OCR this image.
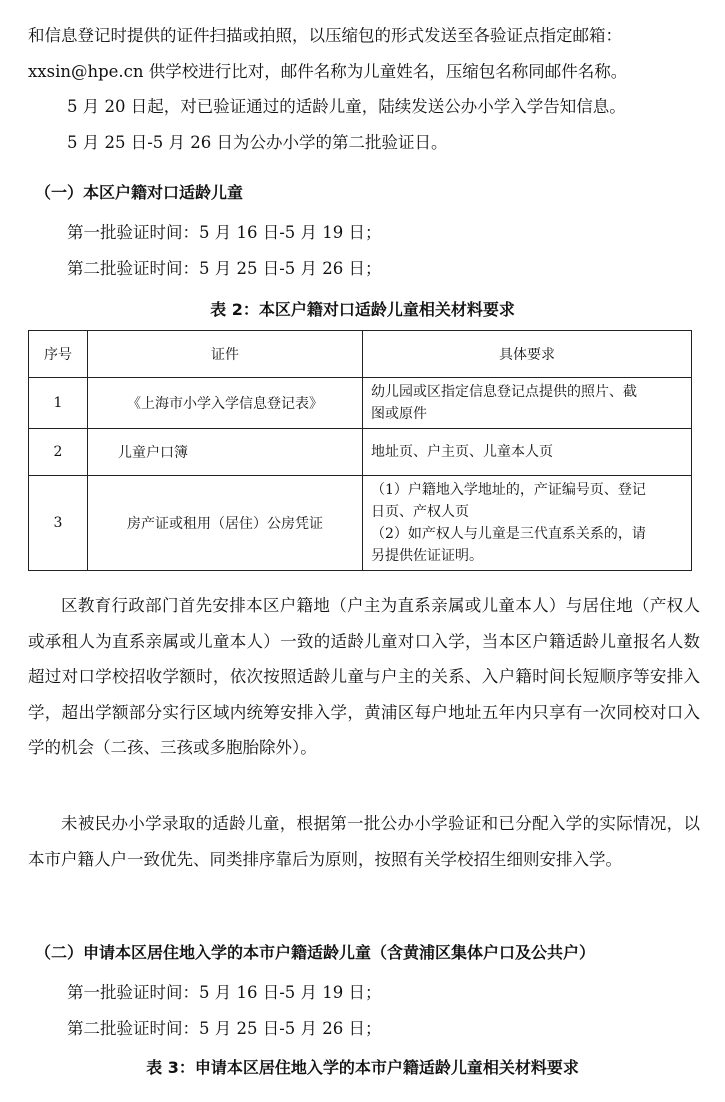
和信息登记时提供的证件扫描或拍照，以压缩包的形式发送至各验证点指定邮箱：
xxsin@hpe.cn 供学校进行比对，邮件名称为儿童姓名，压缩包名称同邮件名称。
5 月 20 日起，对已验证通过的适龄儿童，陆续发送公办小学入学告知信息。
5 月 25 日-5 月 26 日为公办小学的第二批验证日。
（一）本区户籍对口适龄儿童
第一批验证时间：5 月 16 日-5 月 19 日；
第二批验证时间：5 月 25 日-5 月 26 日；
表 2：本区户籍对口适龄儿童相关材料要求
序号	证件	具体要求
1	《上海市小学入学信息登记表》	幼儿园或区指定信息登记点提供的照片、截
图或原件

2	儿童户口簿	地址页、户主页、儿童本人页

3	房产证或租用（居住）公房凭证	（1）户籍地入学地址的，产证编号页、登记
日页、产权人页
（2）如产权人与儿童是三代直系关系的，请
另提供佐证证明。

区教育行政部门首先安排本区户籍地（户主为直系亲属或儿童本人）与居住地（产权人或承租人为直系亲属或儿童本人）一致的适龄儿童对口入学，当本区户籍适龄儿童报名人数超过对口学校招收学额时，依次按照适龄儿童与户主的关系、入户籍时间长短顺序等安排入学，超出学额部分实行区域内统筹安排入学，黄浦区每户地址五年内只享有一次同校对口入学的机会（二孩、三孩或多胞胎除外）。

未被民办小学录取的适龄儿童，根据第一批公办小学验证和已分配入学的实际情况，以本市户籍人户一致优先、同类排序靠后为原则，按照有关学校招生细则安排入学。

（二）申请本区居住地入学的本市户籍适龄儿童（含黄浦区集体户口及公共户）
第一批验证时间：5 月 16 日-5 月 19 日；
第二批验证时间：5 月 25 日-5 月 26 日；
表 3：申请本区居住地入学的本市户籍适龄儿童相关材料要求
